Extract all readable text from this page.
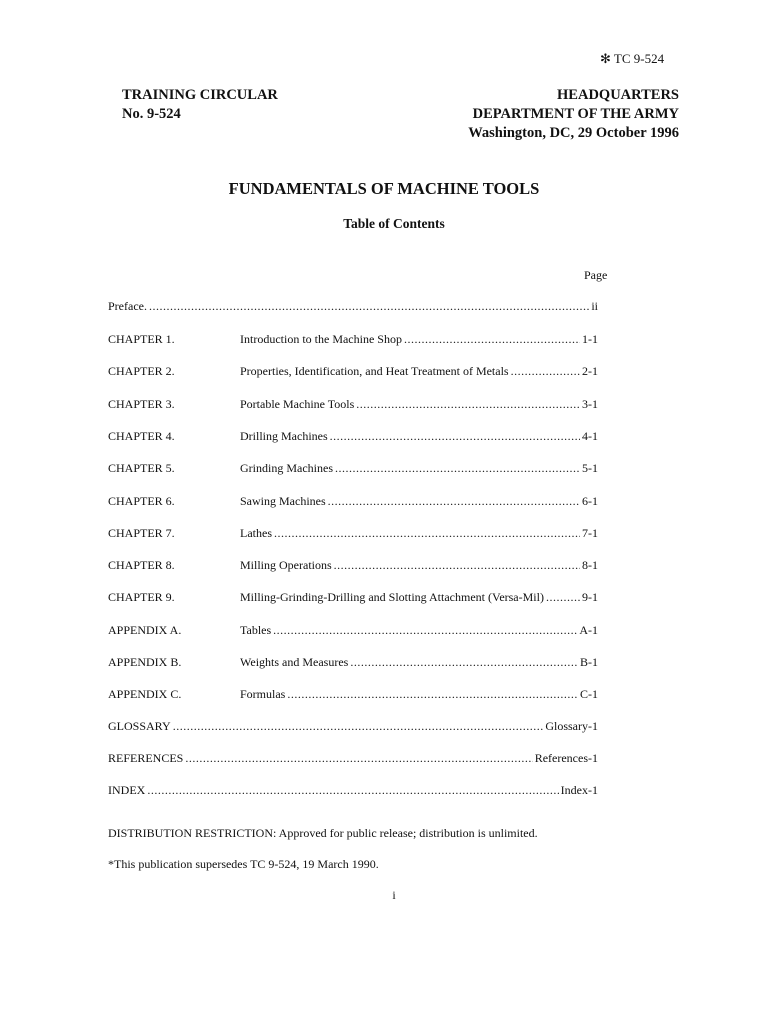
✻ TC 9-524
TRAINING CIRCULAR
No. 9-524
HEADQUARTERS
DEPARTMENT OF THE ARMY
Washington, DC, 29 October 1996
FUNDAMENTALS OF MACHINE TOOLS
Table of Contents
Page
Preface. .....	ii
CHAPTER 1.	Introduction to the Machine Shop .....	1-1
CHAPTER 2.	Properties, Identification, and Heat Treatment of Metals .....	2-1
CHAPTER 3.	Portable Machine Tools .....	3-1
CHAPTER 4.	Drilling Machines .....	4-1
CHAPTER 5.	Grinding Machines .....	5-1
CHAPTER 6.	Sawing Machines .....	6-1
CHAPTER 7.	Lathes .....	7-1
CHAPTER 8.	Milling Operations .....	8-1
CHAPTER 9.	Milling-Grinding-Drilling and Slotting Attachment (Versa-Mil) .....	9-1
APPENDIX A.	Tables .....	A-1
APPENDIX B.	Weights and Measures .....	B-1
APPENDIX C.	Formulas .....	C-1
GLOSSARY .....	Glossary-1
REFERENCES .....	References-1
INDEX .....	Index-1
DISTRIBUTION RESTRICTION: Approved for public release; distribution is unlimited.
*This publication supersedes TC 9-524, 19 March 1990.
i
